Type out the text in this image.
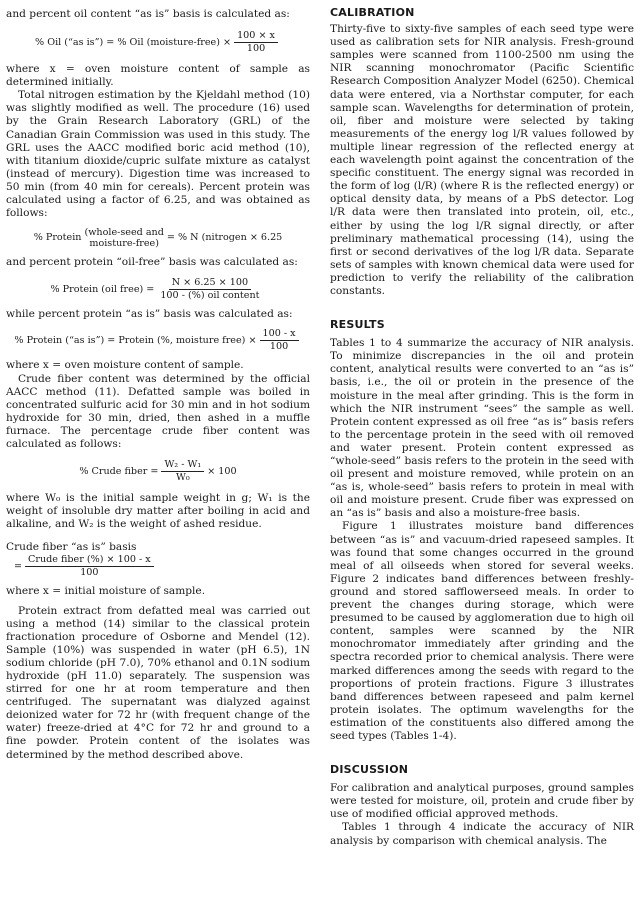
and percent oil content “as is” basis is calculated as:

% Oil (“as is”) = % Oil (moisture-free) × $\frac{100 \times x}{100}$

where x = oven moisture content of sample as determined initially.

Total nitrogen estimation by the Kjeldahl method (10) was slightly modified as well. The procedure (16) used by the Grain Research Laboratory (GRL) of the Canadian Grain Commission was used in this study. The GRL uses the AACC modified boric acid method (10), with titanium dioxide/cupric sulfate mixture as catalyst (instead of mercury). Digestion time was increased to 50 min (from 40 min for cereals). Percent protein was calculated using a factor of 6.25, and was obtained as follows:

% Protein (whole-seed and
moisture-free)
= % N (nitrogen × 6.25

and percent protein “oil-free” basis was calculated as:

% Protein (oil free) = $\frac{N \times 6.25 \times 100}{\text{100 - (\%) oil content}}$

while percent protein “as is” basis was calculated as:

% Protein (“as is”) = Protein (%, moisture free) × $\frac{100 - x}{100}$

where x = oven moisture content of sample.

Crude fiber content was determined by the official AACC method (11). Defatted sample was boiled in concentrated sulfuric acid for 30 min and in hot sodium hydroxide for 30 min, dried, then ashed in a muffle furnace. The percentage crude fiber content was calculated as follows:

% Crude fiber = $\frac{\text{W₂ - W₁}}{\text{W₀}} \times 100$

where W₀ is the initial sample weight in g; W₁ is the weight of insoluble dry matter after boiling in acid and alkaline, and W₂ is the weight of ashed residue.

Crude fiber “as is” basis

= $\frac{\text{Crude fiber (\%) × 100 - x}}{100}$

where x = initial moisture of sample.

Protein extract from defatted meal was carried out using a method (14) similar to the classical protein fractionation procedure of Osborne and Mendel (12). Sample (10%) was suspended in water (pH 6.5), 1N sodium chloride (pH 7.0), 70% ethanol and 0.1N sodium hydroxide (pH 11.0) separately. The suspension was stirred for one hr at room temperature and then centrifuged. The supernatant was dialyzed against deionized water for 72 hr (with frequent change of the water) freeze-dried at 4°C for 72 hr and ground to a fine powder. Protein content of the isolates was determined by the method described above.

CALIBRATION

Thirty-five to sixty-five samples of each seed type were used as calibration sets for NIR analysis. Fresh-ground samples were scanned from 1100-2500 nm using the NIR scanning monochromator (Pacific Scientific Research Composition Analyzer Model (6250). Chemical data were entered, via a Northstar computer, for each sample scan. Wavelengths for determination of protein, oil, fiber and moisture were selected by taking measurements of the energy log l/R values followed by multiple linear regression of the reflected energy at each wavelength point against the concentration of the specific constituent. The energy signal was recorded in the form of log (l/R) (where R is the reflected energy) or optical density data, by means of a PbS detector. Log l/R data were then translated into protein, oil, etc., either by using the log l/R signal directly, or after preliminary mathematical processing (14), using the first or second derivatives of the log l/R data. Separate sets of samples with known chemical data were used for prediction to verify the reliability of the calibration constants.

RESULTS

Tables 1 to 4 summarize the accuracy of NIR analysis. To minimize discrepancies in the oil and protein content, analytical results were converted to an “as is” basis, i.e., the oil or protein in the presence of the moisture in the meal after grinding. This is the form in which the NIR instrument “sees” the sample as well. Protein content expressed as oil free “as is” basis refers to the percentage protein in the seed with oil removed and water present. Protein content expressed as “whole-seed” basis refers to the protein in the seed with oil present and moisture removed, while protein on an “as is, whole-seed” basis refers to protein in meal with oil and moisture present. Crude fiber was expressed on an “as is” basis and also a moisture-free basis.

Figure 1 illustrates moisture band differences between “as is” and vacuum-dried rapeseed samples. It was found that some changes occurred in the ground meal of all oilseeds when stored for several weeks. Figure 2 indicates band differences between freshly-ground and stored safflowerseed meals. In order to prevent the changes during storage, which were presumed to be caused by agglomeration due to high oil content, samples were scanned by the NIR monochromator immediately after grinding and the spectra recorded prior to chemical analysis. There were marked differences among the seeds with regard to the proportions of protein fractions. Figure 3 illustrates band differences between rapeseed and palm kernel protein isolates. The optimum wavelengths for the estimation of the constituents also differed among the seed types (Tables 1-4).

DISCUSSION

For calibration and analytical purposes, ground samples were tested for moisture, oil, protein and crude fiber by use of modified official approved methods.

Tables 1 through 4 indicate the accuracy of NIR analysis by comparison with chemical analysis. The
